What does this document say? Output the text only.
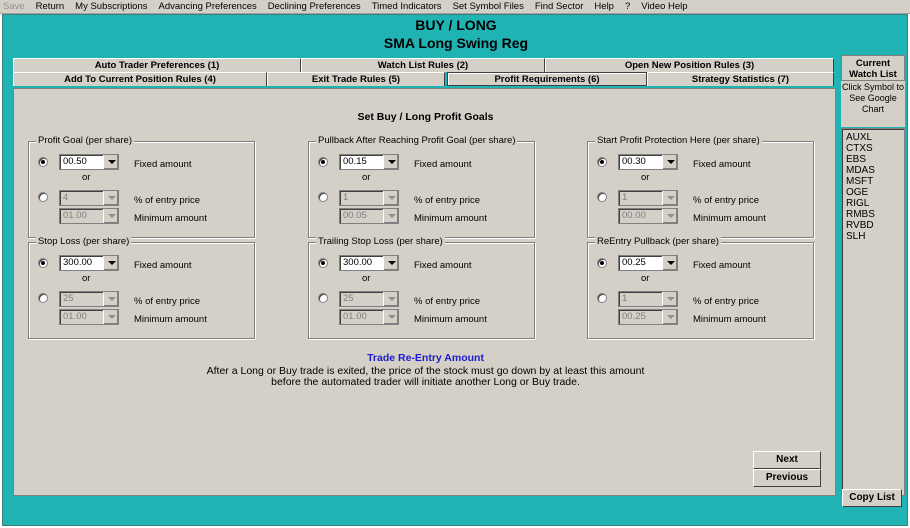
Save Return My Subscriptions Advancing Preferences Declining Preferences Timed Indicators Set Symbol Files Find Sector Help ? Video Help
BUY / LONG
SMA Long Swing Reg
Auto Trader Preferences (1)	Watch List Rules (2)	Open New Position Rules (3)
Add To Current Position Rules (4)	Exit Trade Rules (5)	Profit Requirements (6)	Strategy Statistics (7)
Set Buy / Long Profit Goals
Profit Goal (per share)
00.50	Fixed amount
or
4	% of entry price
01.00	Minimum amount
Pullback After Reaching Profit Goal (per share)
00.15	Fixed amount
or
1	% of entry price
00.05	Minimum amount
Start Profit Protection Here (per share)
00.30	Fixed amount
or
1	% of entry price
00.00	Minimum amount
Stop Loss (per share)
300.00	Fixed amount
or
25	% of entry price
01.00	Minimum amount
Trailing Stop Loss (per share)
300.00	Fixed amount
or
25	% of entry price
01.00	Minimum amount
ReEntry Pullback (per share)
00.25	Fixed amount
or
1	% of entry price
00.25	Minimum amount
Trade Re-Entry Amount
After a Long or Buy trade is exited, the price of the stock must go down by at least this amount
before the automated trader will initiate another Long or Buy trade.
Next
Previous
Current Watch List
Click Symbol to See Google Chart
AUXL
CTXS
EBS
MDAS
MSFT
OGE
RIGL
RMBS
RVBD
SLH
Copy List
